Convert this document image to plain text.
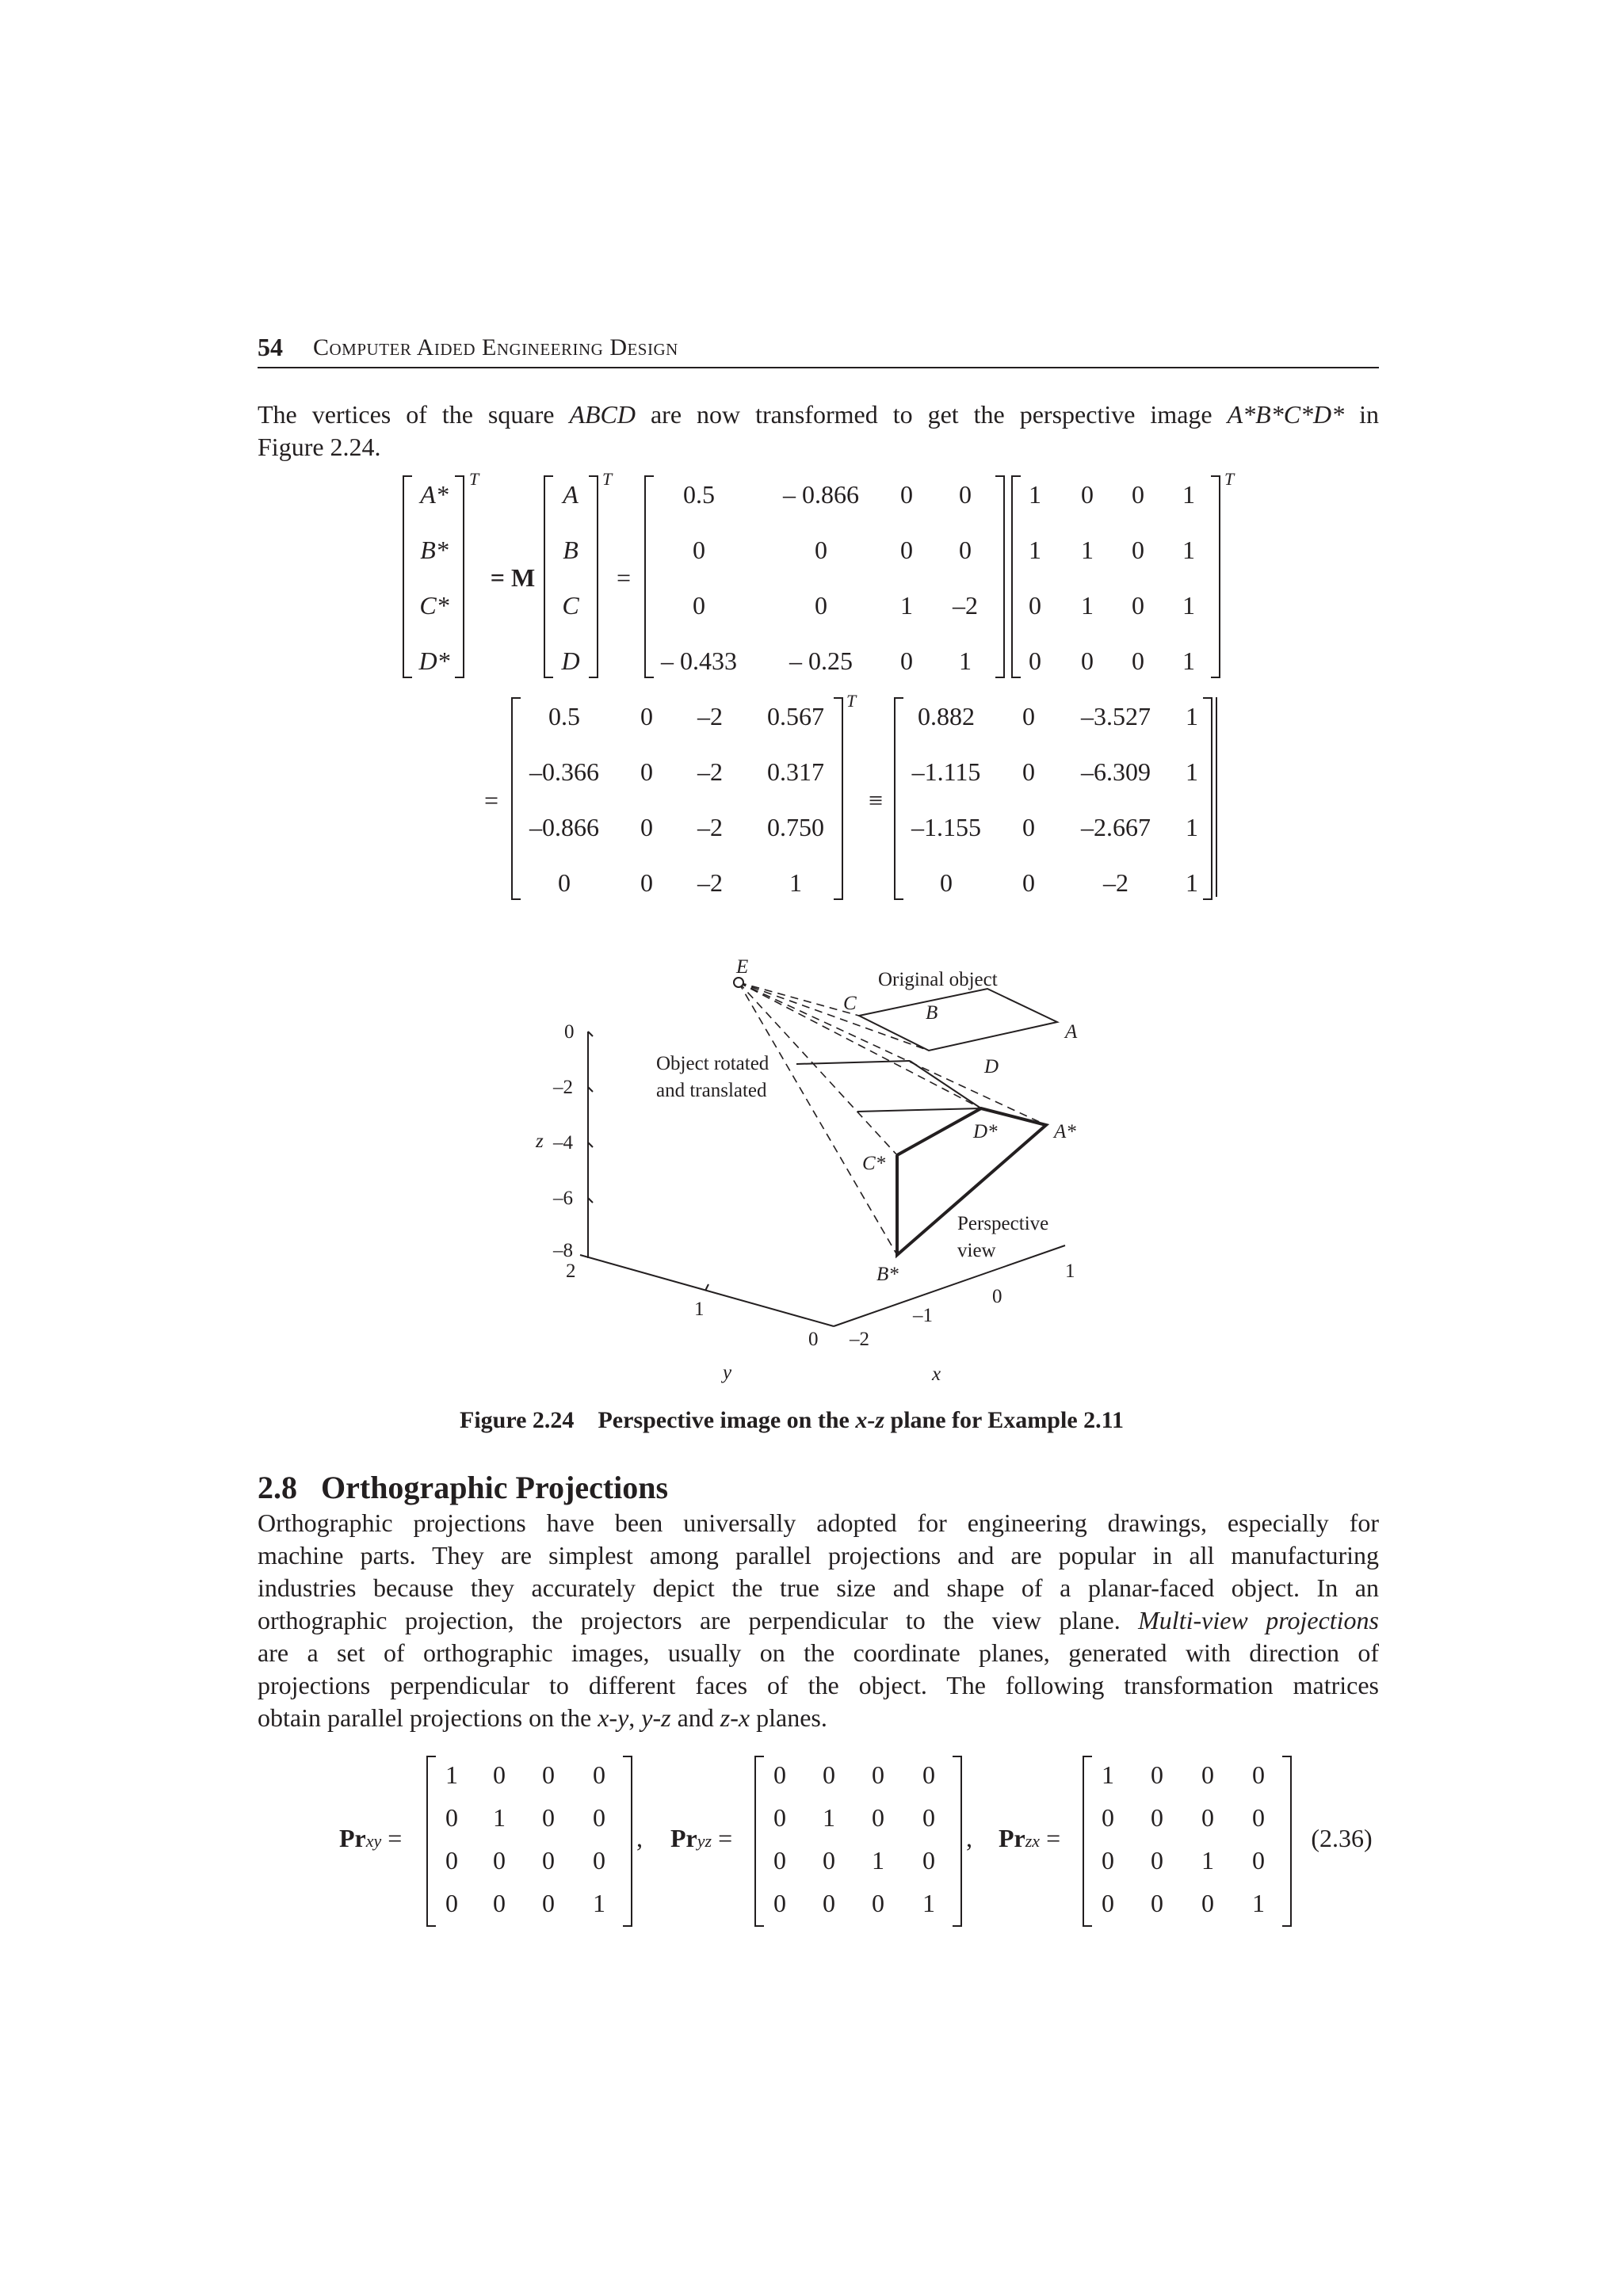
54 Computer Aided Engineering Design
The vertices of the square ABCD are now transformed to get the perspective image A*B*C*D* in
Figure 2.24.
T
A*
B*
C*
D*
= M
T
A
B
C
D
=
T
0.5	– 0.866	0	0
0	0	0	0
0	0	1	–2
– 0.433	– 0.25	0	1
1	0	0	1
1	1	0	1
0	1	0	1
0	0	0	1
=
T
≡
0.5	0	–2	0.567
–0.366	0	–2	0.317
–0.866	0	–2	0.750
0	0	–2	1
0.882	0	–3.527	1
–1.115	0	–6.309	1
–1.155	0	–2.667	1
0	0	–2	1
E
Original object
C	B
A
D
Object rotated
and translated
D*	A*
C*
Perspective
view
B*
z
0
–2
–4
–6
–8
2
1
0 –2
–1
0
1
y	x
Figure 2.24 Perspective image on the x-z plane for Example 2.11
2.8 Orthographic Projections
Orthographic projections have been universally adopted for engineering drawings, especially for
machine parts. They are simplest among parallel projections and are popular in all manufacturing
industries because they accurately depict the true size and shape of a planar-faced object. In an
orthographic projection, the projectors are perpendicular to the view plane. Multi-view projections
are a set of orthographic images, usually on the coordinate planes, generated with direction of
projections perpendicular to different faces of the object. The following transformation matrices
obtain parallel projections on the x-y, y-z and z-x planes.
Prxy =	, Pryz =	, Przx =	(2.36)
1 0 0 0
0 1 0 0
0 0 0 0
0 0 0 1
0 0 0 0
0 1 0 0
0 0 1 0
0 0 0 1
1 0 0 0
0 0 0 0
0 0 1 0
0 0 0 1
